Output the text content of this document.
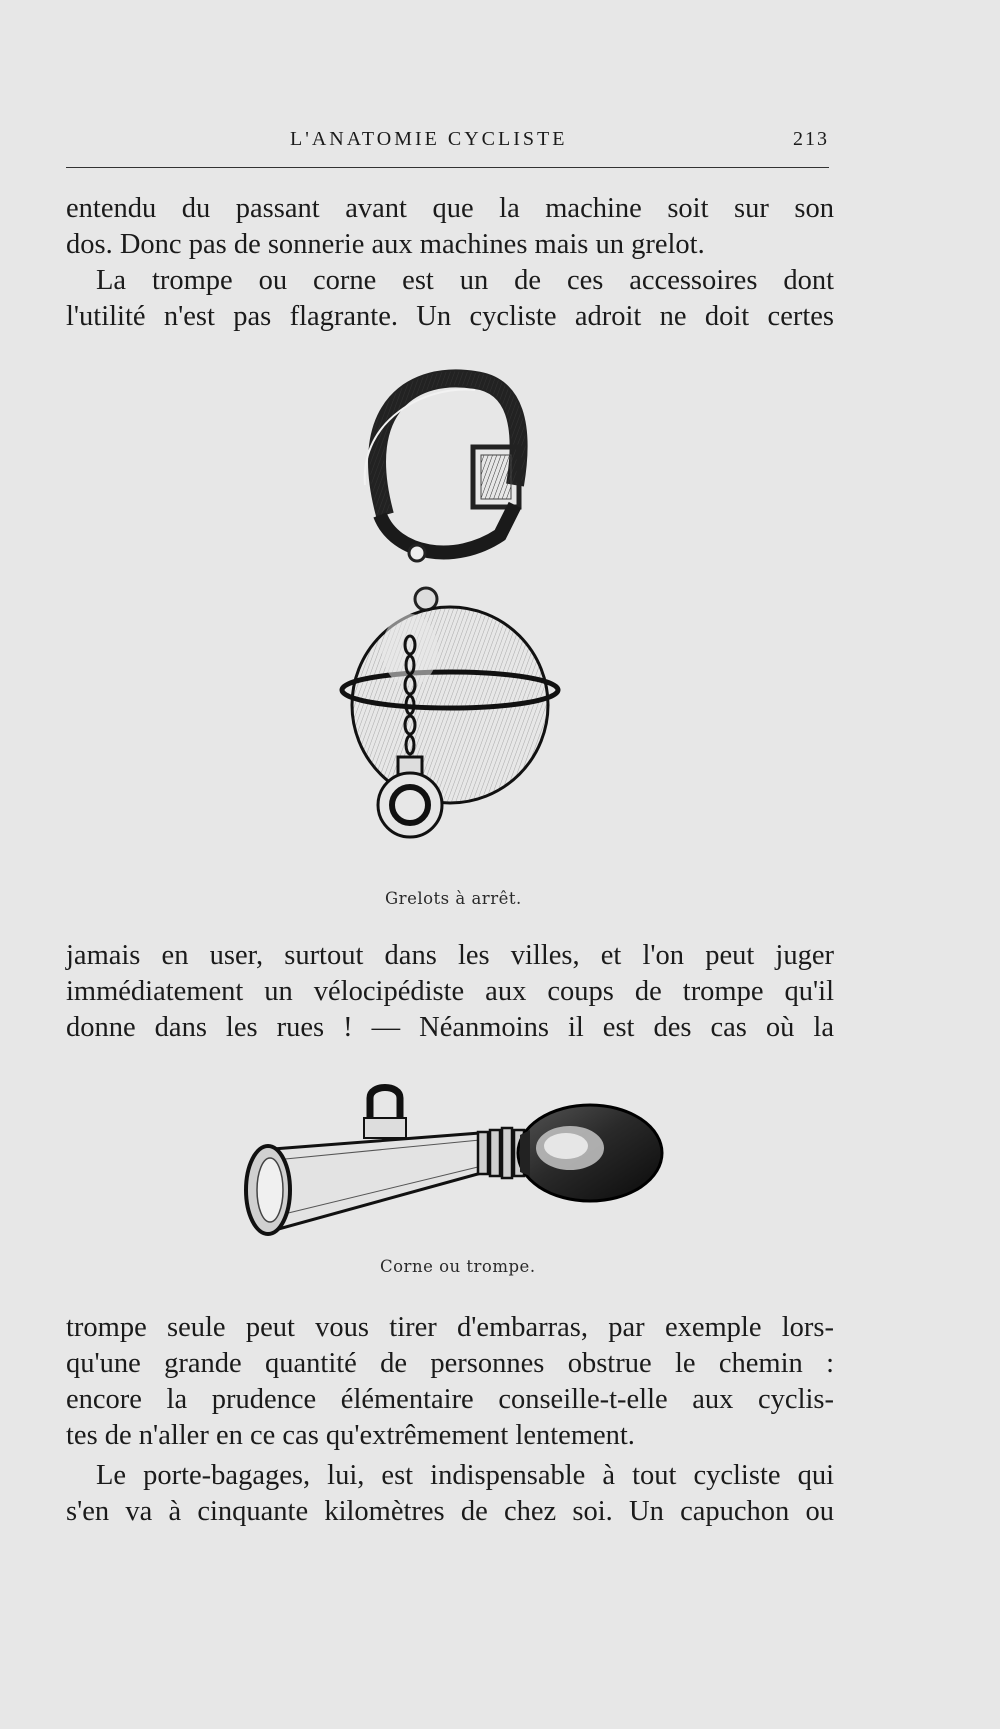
L'ANATOMIE CYCLISTE	213

entendu du passant avant que la machine soit sur son
dos. Donc pas de sonnerie aux machines mais un grelot.

La trompe ou corne est un de ces accessoires dont
l'utilité n'est pas flagrante. Un cycliste adroit ne doit certes

Grelots à arrêt.

jamais en user, surtout dans les villes, et l'on peut juger
immédiatement un vélocipédiste aux coups de trompe qu'il
donne dans les rues ! — Néanmoins il est des cas où la

Corne ou trompe.

trompe seule peut vous tirer d'embarras, par exemple lors-
qu'une grande quantité de personnes obstrue le chemin :
encore la prudence élémentaire conseille-t-elle aux cyclis-
tes de n'aller en ce cas qu'extrêmement lentement.

Le porte-bagages, lui, est indispensable à tout cycliste qui
s'en va à cinquante kilomètres de chez soi. Un capuchon ou
